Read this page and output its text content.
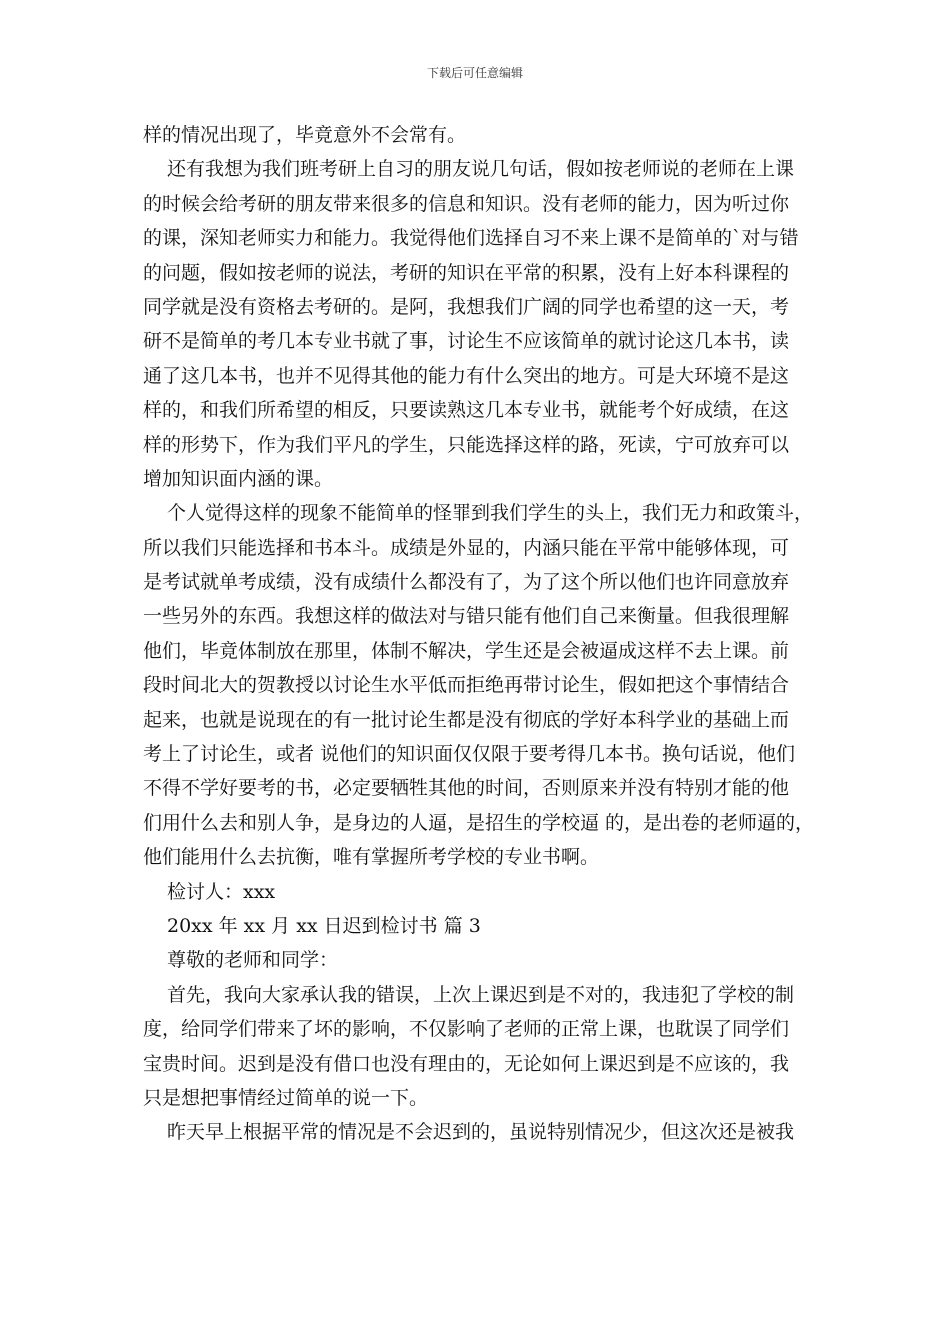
下载后可任意编辑
样的情况出现了，毕竟意外不会常有。
还有我想为我们班考研上自习的朋友说几句话，假如按老师说的老师在上课
的时候会给考研的朋友带来很多的信息和知识。没有老师的能力，因为听过你
的课，深知老师实力和能力。我觉得他们选择自习不来上课不是简单的`对与错
的问题，假如按老师的说法，考研的知识在平常的积累，没有上好本科课程的
同学就是没有资格去考研的。是阿，我想我们广阔的同学也希望的这一天，考
研不是简单的考几本专业书就了事，讨论生不应该简单的就讨论这几本书，读
通了这几本书，也并不见得其他的能力有什么突出的地方。可是大环境不是这
样的，和我们所希望的相反，只要读熟这几本专业书，就能考个好成绩，在这
样的形势下，作为我们平凡的学生，只能选择这样的路，死读，宁可放弃可以
增加知识面内涵的课。
个人觉得这样的现象不能简单的怪罪到我们学生的头上，我们无力和政策斗，
所以我们只能选择和书本斗。成绩是外显的，内涵只能在平常中能够体现，可
是考试就单考成绩，没有成绩什么都没有了，为了这个所以他们也许同意放弃
一些另外的东西。我想这样的做法对与错只能有他们自己来衡量。但我很理解
他们，毕竟体制放在那里，体制不解决，学生还是会被逼成这样不去上课。前
段时间北大的贺教授以讨论生水平低而拒绝再带讨论生，假如把这个事情结合
起来，也就是说现在的有一批讨论生都是没有彻底的学好本科学业的基础上而
考上了讨论生，或者 说他们的知识面仅仅限于要考得几本书。换句话说，他们
不得不学好要考的书，必定要牺牲其他的时间，否则原来并没有特别才能的他
们用什么去和别人争，是身边的人逼，是招生的学校逼 的，是出卷的老师逼的，
他们能用什么去抗衡，唯有掌握所考学校的专业书啊。
检讨人：xxx
20xx 年 xx 月 xx 日迟到检讨书 篇 3
尊敬的老师和同学：
首先，我向大家承认我的错误，上次上课迟到是不对的，我违犯了学校的制
度，给同学们带来了坏的影响，不仅影响了老师的正常上课，也耽误了同学们
宝贵时间。迟到是没有借口也没有理由的，无论如何上课迟到是不应该的，我
只是想把事情经过简单的说一下。
昨天早上根据平常的情况是不会迟到的，虽说特别情况少，但这次还是被我
